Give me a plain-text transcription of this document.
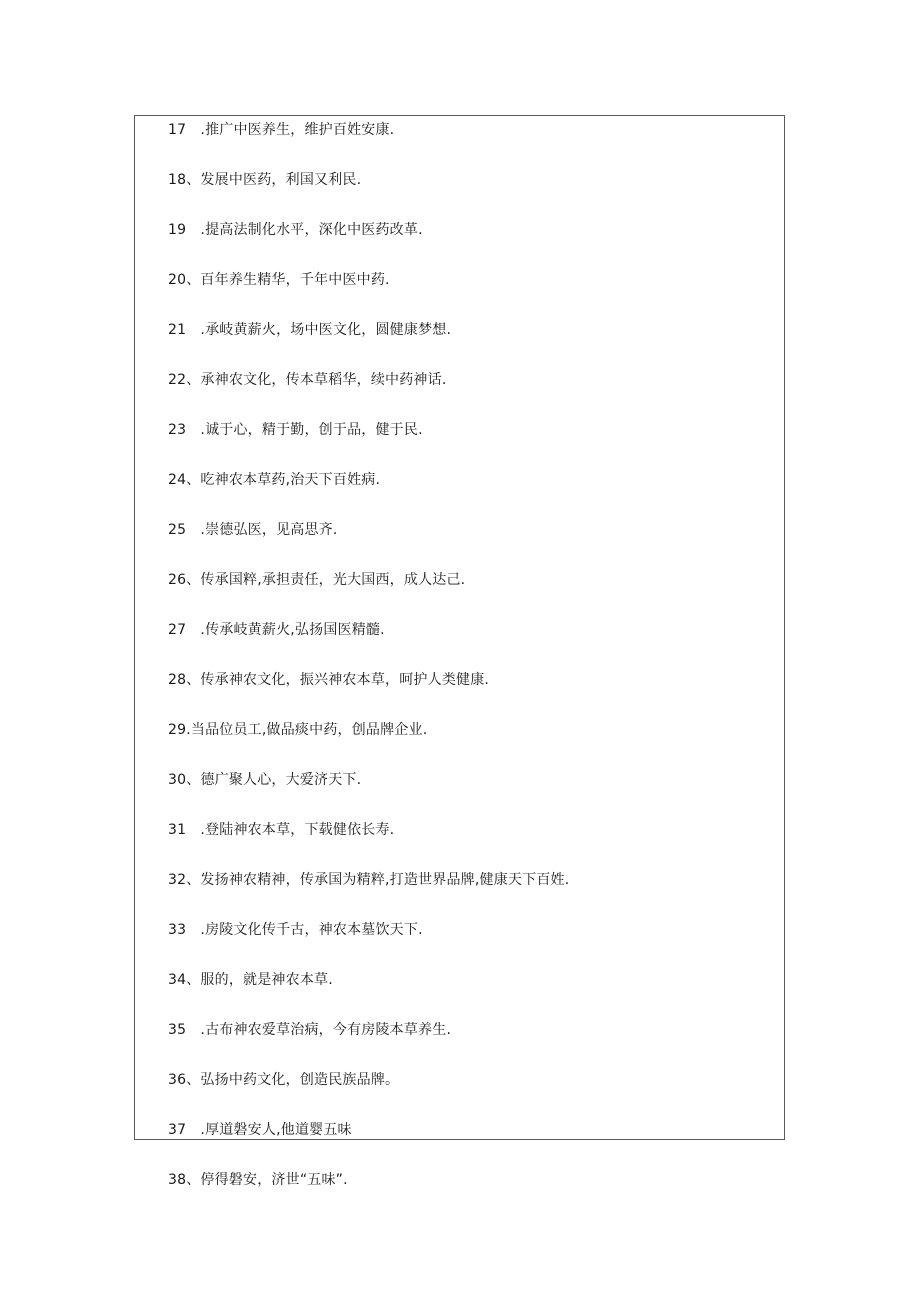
17　.推广中医养生，维护百姓安康.
18、发展中医药，利国又利民.
19　.提高法制化水平，深化中医药改革.
20、百年养生精华，千年中医中药.
21　.承岐黄薪火，场中医文化，圆健康梦想.
22、承神农文化，传本草稻华，续中药神话.
23　.诚于心，精于勤，创于品，健于民.
24、吃神农本草药,治天下百姓病.
25　.崇德弘医，见高思齐.
26、传承国粹,承担责任，光大国西，成人达己.
27　.传承岐黄薪火,弘扬国医精髓.
28、传承神农文化，振兴神农本草，呵护人类健康.
29.当品位员工,做品痰中药，创品牌企业.
30、德广聚人心，大爱济天下.
31　.登陆神农本草，下载健依长寿.
32、发扬神农精神，传承国为精粹,打造世界品牌,健康天下百姓.
33　.房陵文化传千古，神农本墓饮天下.
34、服的，就是神农本草.
35　.古布神农爱草治病，今有房陵本草养生.
36、弘扬中药文化，创造民族品牌。
37　.厚道磐安人,他道婴五味
38、停得磐安，济世“五味”.
